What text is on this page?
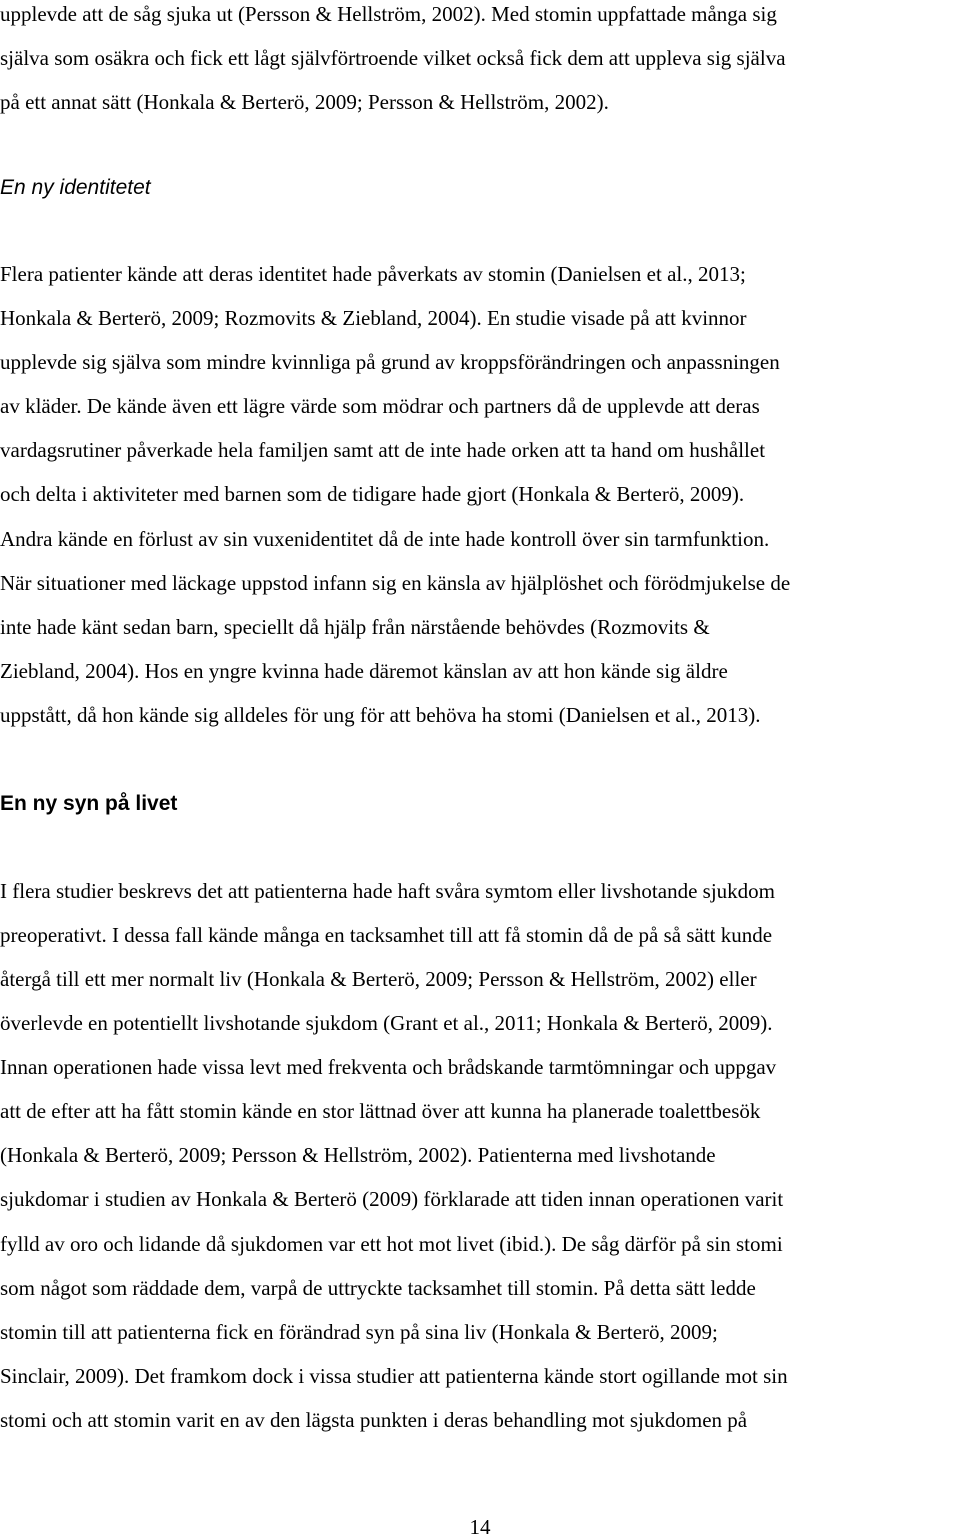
upplevde att de såg sjuka ut (Persson & Hellström, 2002). Med stomin uppfattade många sig

själva som osäkra och fick ett lågt självförtroende vilket också fick dem att uppleva sig själva

på ett annat sätt (Honkala & Berterö, 2009; Persson & Hellström, 2002).

En ny identitetet

Flera patienter kände att deras identitet hade påverkats av stomin (Danielsen et al., 2013;

Honkala & Berterö, 2009; Rozmovits & Ziebland, 2004). En studie visade på att kvinnor

upplevde sig själva som mindre kvinnliga på grund av kroppsförändringen och anpassningen

av kläder. De kände även ett lägre värde som mödrar och partners då de upplevde att deras

vardagsrutiner påverkade hela familjen samt att de inte hade orken att ta hand om hushållet

och delta i aktiviteter med barnen som de tidigare hade gjort (Honkala & Berterö, 2009).

Andra kände en förlust av sin vuxenidentitet då de inte hade kontroll över sin tarmfunktion.

När situationer med läckage uppstod infann sig en känsla av hjälplöshet och förödmjukelse de

inte hade känt sedan barn, speciellt då hjälp från närstående behövdes (Rozmovits &

Ziebland, 2004). Hos en yngre kvinna hade däremot känslan av att hon kände sig äldre

uppstått, då hon kände sig alldeles för ung för att behöva ha stomi (Danielsen et al., 2013).

En ny syn på livet

I flera studier beskrevs det att patienterna hade haft svåra symtom eller livshotande sjukdom

preoperativt. I dessa fall kände många en tacksamhet till att få stomin då de på så sätt kunde

återgå till ett mer normalt liv (Honkala & Berterö, 2009; Persson & Hellström, 2002) eller

överlevde en potentiellt livshotande sjukdom (Grant et al., 2011; Honkala & Berterö, 2009).

Innan operationen hade vissa levt med frekventa och brådskande tarmtömningar och uppgav

att de efter att ha fått stomin kände en stor lättnad över att kunna ha planerade toalettbesök

(Honkala & Berterö, 2009; Persson & Hellström, 2002). Patienterna med livshotande

sjukdomar i studien av Honkala & Berterö (2009) förklarade att tiden innan operationen varit

fylld av oro och lidande då sjukdomen var ett hot mot livet (ibid.). De såg därför på sin stomi

som något som räddade dem, varpå de uttryckte tacksamhet till stomin. På detta sätt ledde

stomin till att patienterna fick en förändrad syn på sina liv (Honkala & Berterö, 2009;

Sinclair, 2009). Det framkom dock i vissa studier att patienterna kände stort ogillande mot sin

stomi och att stomin varit en av den lägsta punkten i deras behandling mot sjukdomen på

14
